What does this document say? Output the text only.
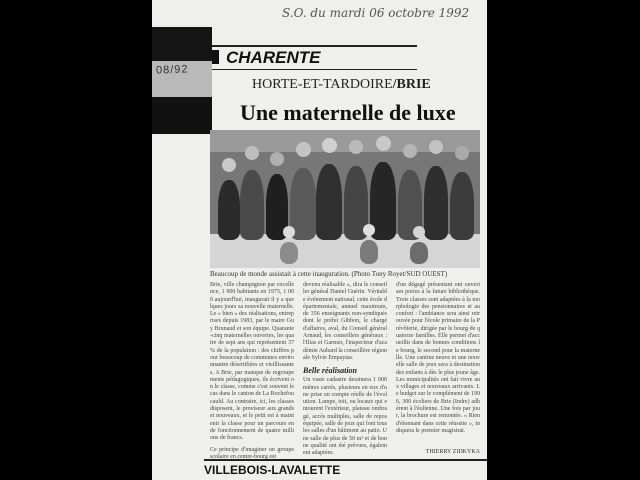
08/92
S.O. du mardi 06 octobre 1992
CHARENTE
HORTE-ET-TARDOIRE/BRIE
Une maternelle de luxe
Beaucoup de monde assistait à cette inauguration. (Photo Tony Royet/SUD OUEST)

Brie, ville champignon par excellence, 1 900 habitants en 1975, 1 000 aujourd'hui, inaugurait il y a quelques jours sa nouvelle maternelle. Le « bien » des réalisations, entreprises depuis 1983, par le maire Guy Brunaud et son équipe. Quarante-cinq maternelles ouvertes, les quatre de sept ans qui représentent 37 % de la population : des chiffres pour beaucoup de communes environnantes désertifiées et vieillissantes. A Brie, par manque de regroupements pédagogiques, ils écrivent on le classe, comme c'est souvent le cas dans le canton de La Rochefoucauld. Au contraire, ici, les classes disposent, le proviseur aux grands et nouveaux, et le petit est à maintenir la classe pour un parcours en de fonctionnement de quatre millions de francs.

Ce principe d'imaginer un groupe scolaire en centre-bourg est

devenu réalisable », dira le conseiller général Daniel Guérin. Véritable événement national, cette école départementale, annuel maximum, de 356 enseignants non-syndiqués dont le préfet Gibbon, le chargé d'affaires, aval, du Conseil général Arnaud, les conseillers généraux : l'Ilias et Garmer, l'inspecteur d'académie Aubard la conseillère régionale Sylvie Empaytas.

Belle réalisation

Un vaste cadastre dessinera 1 000 mètres carrés, plusieurs en eux d'une prise en compte réelle de l'évolution. Lampe, toit, ou locaux qui entourent l'extérieur, plateau ombragé, accès multiples, salle de repos équipée, salle de jeux qui font tous les salles d'un bâtiment au patio. Une salle de plus de 50 m² et de bonne qualité ont été prévues, également adaptées.

d'un dégagé présentant ont ouvert ses portes à la future bibliothèque. Trois classes sont adaptées à la morphologie des pensionnaires et au confort : l'ambiance sera ainsi retrouvée pour l'école primaire de la Prévôterie, dirigée par le bourg de quatorze familles. Elle permet d'accueillir dans de bonnes conditions le bourg, le second pour la maternelle. Une cantine neuve et une nouvelle salle de jeux sera à destination des enfants à dès le plus jeune âge. Les municipalités ont fait vivre aux villages et nouveaux arrivants. Le budget sur le complément de 1996, 300 écoliers de Brie (Indre) adhérent à l'éolienne. Une fois par jour, la brochure est remontée. « Rien d'étonnant dans cette réussite », indiquera le premier magistrat.

THIERRY ZIDKYKA
VILLEBOIS-LAVALETTE
